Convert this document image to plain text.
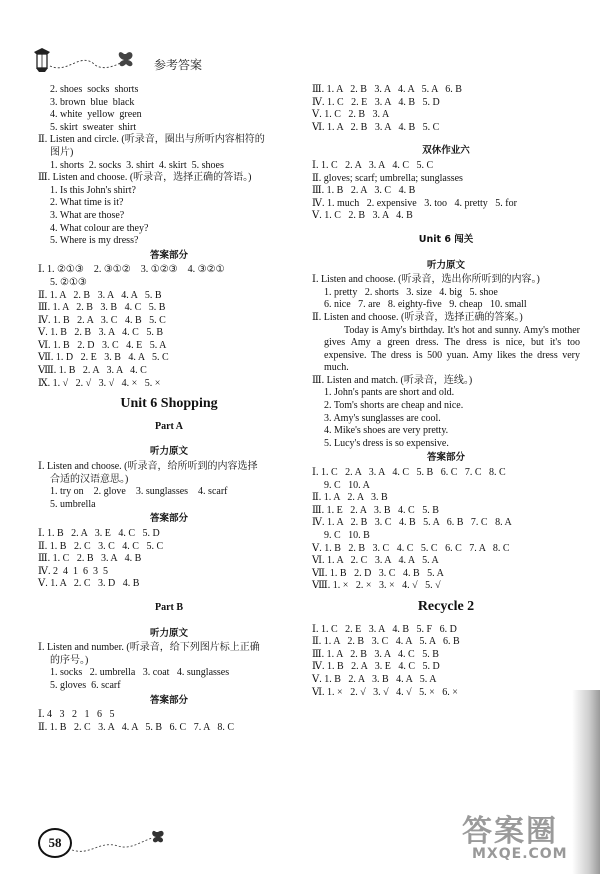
参考答案
2. shoes  socks  shorts
3. brown  blue  black
4. white  yellow  green
5. skirt  sweater  shirt
Ⅱ. Listen and circle. (听录音，圈出与所听内容相符的
图片)
1. shorts  2. socks  3. shirt  4. skirt  5. shoes
Ⅲ. Listen and choose. (听录音，选择正确的答语。)
1. Is this John's shirt?
2. What time is it?
3. What are those?
4. What colour are they?
5. Where is my dress?
答案部分
Ⅰ. 1. ②①③    2. ③①②    3. ①②③    4. ③②①
5. ②①③
Ⅱ. 1. A   2. B   3. A   4. A   5. B
Ⅲ. 1. A   2. B   3. B   4. C   5. B
Ⅳ. 1. B   2. A   3. C   4. B   5. C
Ⅴ. 1. B   2. B   3. A   4. C   5. B
Ⅵ. 1. B   2. D   3. C   4. E   5. A
Ⅶ. 1. D   2. E   3. B   4. A   5. C
Ⅷ. 1. B   2. A   3. A   4. C
Ⅸ. 1. √   2. √   3. √   4. ×   5. ×
Unit 6 Shopping
Part A
听力原文
Ⅰ. Listen and choose. (听录音，给所听到的内容选择
合适的汉语意思。)
1. try on    2. glove    3. sunglasses    4. scarf
5. umbrella
答案部分
Ⅰ. 1. B   2. A   3. E   4. C   5. D
Ⅱ. 1. B   2. C   3. C   4. C   5. C
Ⅲ. 1. C   2. B   3. A   4. B
Ⅳ. 2  4  1  6  3  5
Ⅴ. 1. A   2. C   3. D   4. B
Part B
听力原文
Ⅰ. Listen and number. (听录音，给下列图片标上正确
的序号。)
1. socks   2. umbrella   3. coat   4. sunglasses
5. gloves  6. scarf
答案部分
Ⅰ. 4   3   2   1   6   5
Ⅱ. 1. B   2. C   3. A   4. A   5. B   6. C   7. A   8. C
Ⅲ. 1. A   2. B   3. A   4. A   5. A   6. B
Ⅳ. 1. C   2. E   3. A   4. B   5. D
Ⅴ. 1. C   2. B   3. A
Ⅵ. 1. A   2. B   3. A   4. B   5. C
双休作业六
Ⅰ. 1. C   2. A   3. A   4. C   5. C
Ⅱ. gloves; scarf; umbrella; sunglasses
Ⅲ. 1. B   2. A   3. C   4. B
Ⅳ. 1. much   2. expensive   3. too   4. pretty   5. for
Ⅴ. 1. C   2. B   3. A   4. B
Unit 6 闯关
听力原文
Ⅰ. Listen and choose. (听录音，选出你所听到的内容。)
1. pretty   2. shorts   3. size   4. big   5. shoe
6. nice   7. are   8. eighty-five   9. cheap   10. small
Ⅱ. Listen and choose. (听录音，选择正确的答案。)
Today is Amy's birthday. It's hot and sunny. Amy's mother gives Amy a green dress. The dress is nice, but it's too expensive. The dress is 500 yuan. Amy likes the dress very much.
Ⅲ. Listen and match. (听录音，连线。)
1. John's pants are short and old.
2. Tom's shorts are cheap and nice.
3. Amy's sunglasses are cool.
4. Mike's shoes are very pretty.
5. Lucy's dress is so expensive.
答案部分
Ⅰ. 1. C   2. A   3. A   4. C   5. B   6. C   7. C   8. C
9. C   10. A
Ⅱ. 1. A   2. A   3. B
Ⅲ. 1. E   2. A   3. B   4. C   5. B
Ⅳ. 1. A   2. B   3. C   4. B   5. A   6. B   7. C   8. A
9. C   10. B
Ⅴ. 1. B   2. B   3. C   4. C   5. C   6. C   7. A   8. C
Ⅵ. 1. A   2. C   3. A   4. A   5. A
Ⅶ. 1. B   2. D   3. C   4. B   5. A
Ⅷ. 1. ×   2. ×   3. ×   4. √   5. √
Recycle 2
Ⅰ. 1. C   2. E   3. A   4. B   5. F   6. D
Ⅱ. 1. A   2. B   3. C   4. A   5. A   6. B
Ⅲ. 1. A   2. B   3. A   4. C   5. B
Ⅳ. 1. B   2. A   3. E   4. C   5. D
Ⅴ. 1. B   2. A   3. B   4. A   5. A
Ⅵ. 1. ×   2. √   3. √   4. √   5. ×   6. ×
58	答案圈
MXQE.COM
